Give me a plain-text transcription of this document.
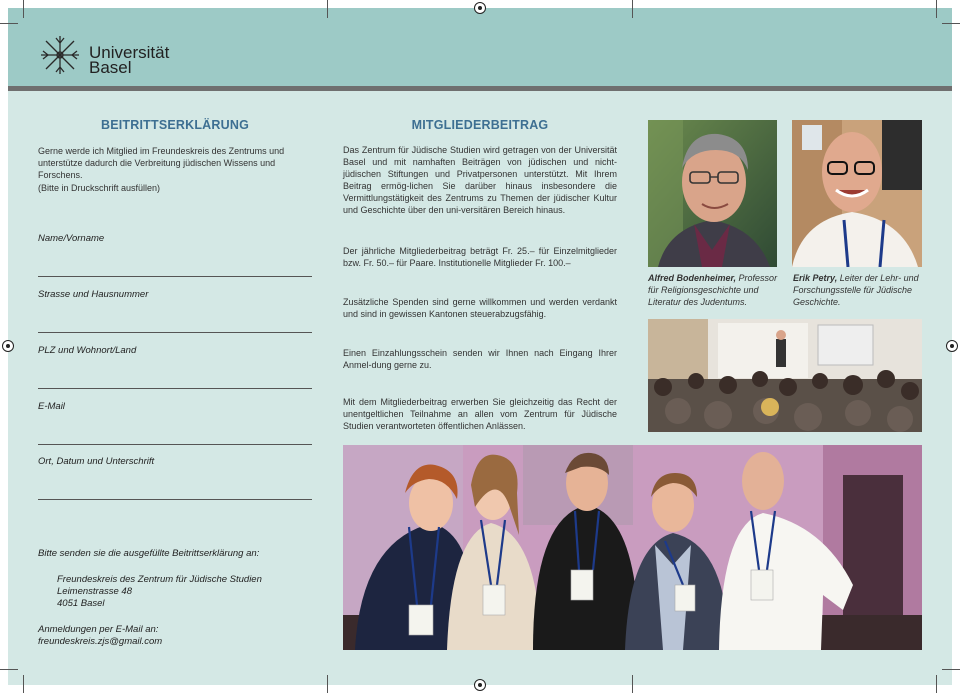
Universität
Basel
BEITRITTSERKLÄRUNG
Gerne werde ich Mitglied im Freundeskreis des Zentrums und unterstütze dadurch die Verbreitung jüdischen Wissens und Forschens.
(Bitte in Druckschrift ausfüllen)
Name/Vorname
Strasse und Hausnummer
PLZ und Wohnort/Land
E-Mail
Ort, Datum und Unterschrift
Bitte senden sie die ausgefüllte Beitrittserklärung an:
Freundeskreis des Zentrum für Jüdische Studien
Leimenstrasse 48
4051 Basel
Anmeldungen per E-Mail an:
freundeskreis.zjs@gmail.com
MITGLIEDERBEITRAG
Das Zentrum für Jüdische Studien wird getragen von der Universität Basel und mit namhaften Beiträgen von jüdischen und nicht-jüdischen Stiftungen und Privatpersonen unterstützt. Mit Ihrem Beitrag ermög-lichen Sie darüber hinaus insbesondere die Vermittlungstätigkeit des Zentrums zu Themen der jüdischer Kultur und Geschichte über den uni-versitären Bereich hinaus.
Der jährliche Mitgliederbeitrag beträgt Fr. 25.– für Einzelmitglieder bzw. Fr. 50.– für Paare. Institutionelle Mitglieder Fr. 100.–
Zusätzliche Spenden sind gerne willkommen und werden verdankt und sind in gewissen Kantonen steuerabzugsfähig.
Einen Einzahlungsschein senden wir Ihnen nach Eingang Ihrer Anmel-dung gerne zu.
Mit dem Mitgliederbeitrag erwerben Sie gleichzeitig das Recht der unentgeltlichen Teilnahme an allen vom Zentrum für Jüdische Studien verantworteten öffentlichen Anlässen.
Alfred Bodenheimer, Professor für Religionsgeschichte und Literatur des Judentums.
Erik Petry, Leiter der Lehr- und Forschungsstelle für Jüdische Geschichte.
